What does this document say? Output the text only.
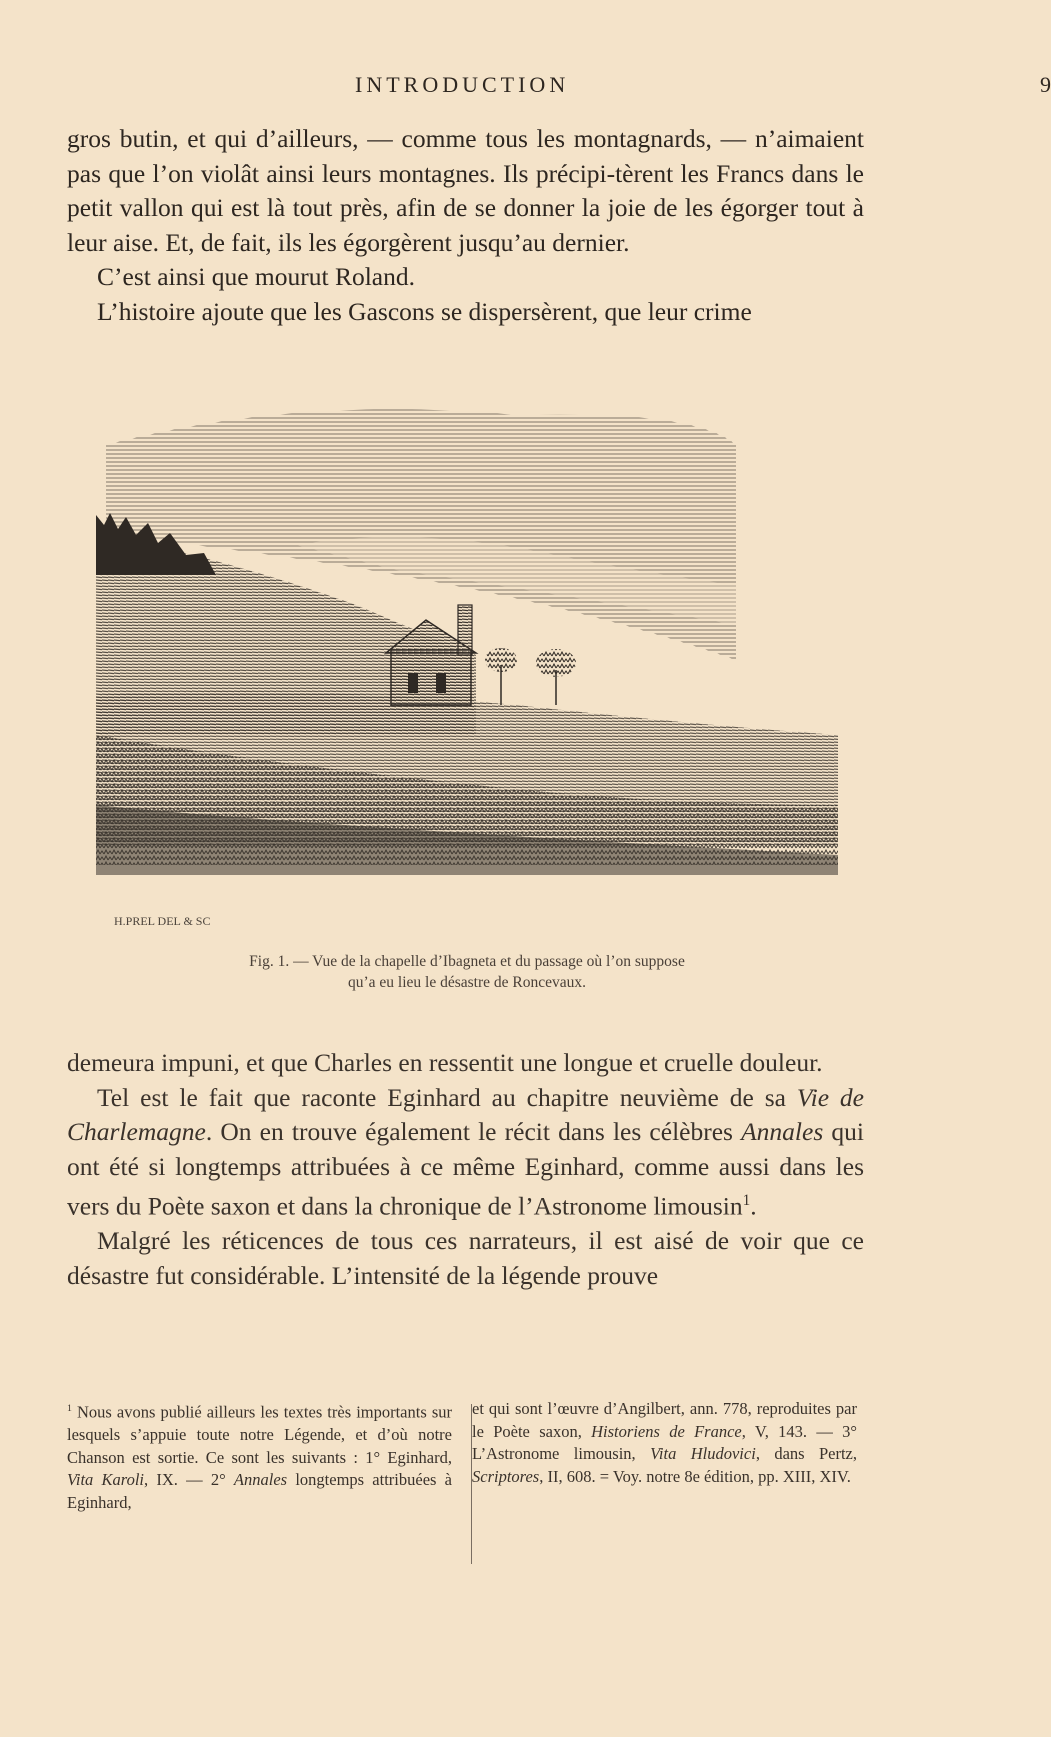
INTRODUCTION	9

gros butin, et qui d’ailleurs, — comme tous les montagnards, — n’aimaient pas que l’on violât ainsi leurs montagnes. Ils précipi-tèrent les Francs dans le petit vallon qui est là tout près, afin de se donner la joie de les égorger tout à leur aise. Et, de fait, ils les égorgèrent jusqu’au dernier.

C’est ainsi que mourut Roland.

L’histoire ajoute que les Gascons se dispersèrent, que leur crime

H.PREL DEL & SC
Fig. 1. — Vue de la chapelle d’Ibagneta et du passage où l’on suppose
qu’a eu lieu le désastre de Roncevaux.

demeura impuni, et que Charles en ressentit une longue et cruelle douleur.

Tel est le fait que raconte Eginhard au chapitre neuvième de sa Vie de Charlemagne. On en trouve également le récit dans les célèbres Annales qui ont été si longtemps attribuées à ce même Eginhard, comme aussi dans les vers du Poète saxon et dans la chronique de l’Astronome limousin$^1$.

Malgré les réticences de tous ces narrateurs, il est aisé de voir que ce désastre fut considérable. L’intensité de la légende prouve

$^1$ Nous avons publié ailleurs les textes très importants sur lesquels s’appuie toute notre Légende, et d’où notre Chanson est sortie. Ce sont les suivants : 1° Eginhard, Vita Karoli, IX. — 2° Annales longtemps attribuées à Eginhard,

et qui sont l’œuvre d’Angilbert, ann. 778, reproduites par le Poète saxon, Historiens de France, V, 143. — 3° L’Astronome limousin, Vita Hludovici, dans Pertz, Scriptores, II, 608. = Voy. notre 8e édition, pp. XIII, XIV.
